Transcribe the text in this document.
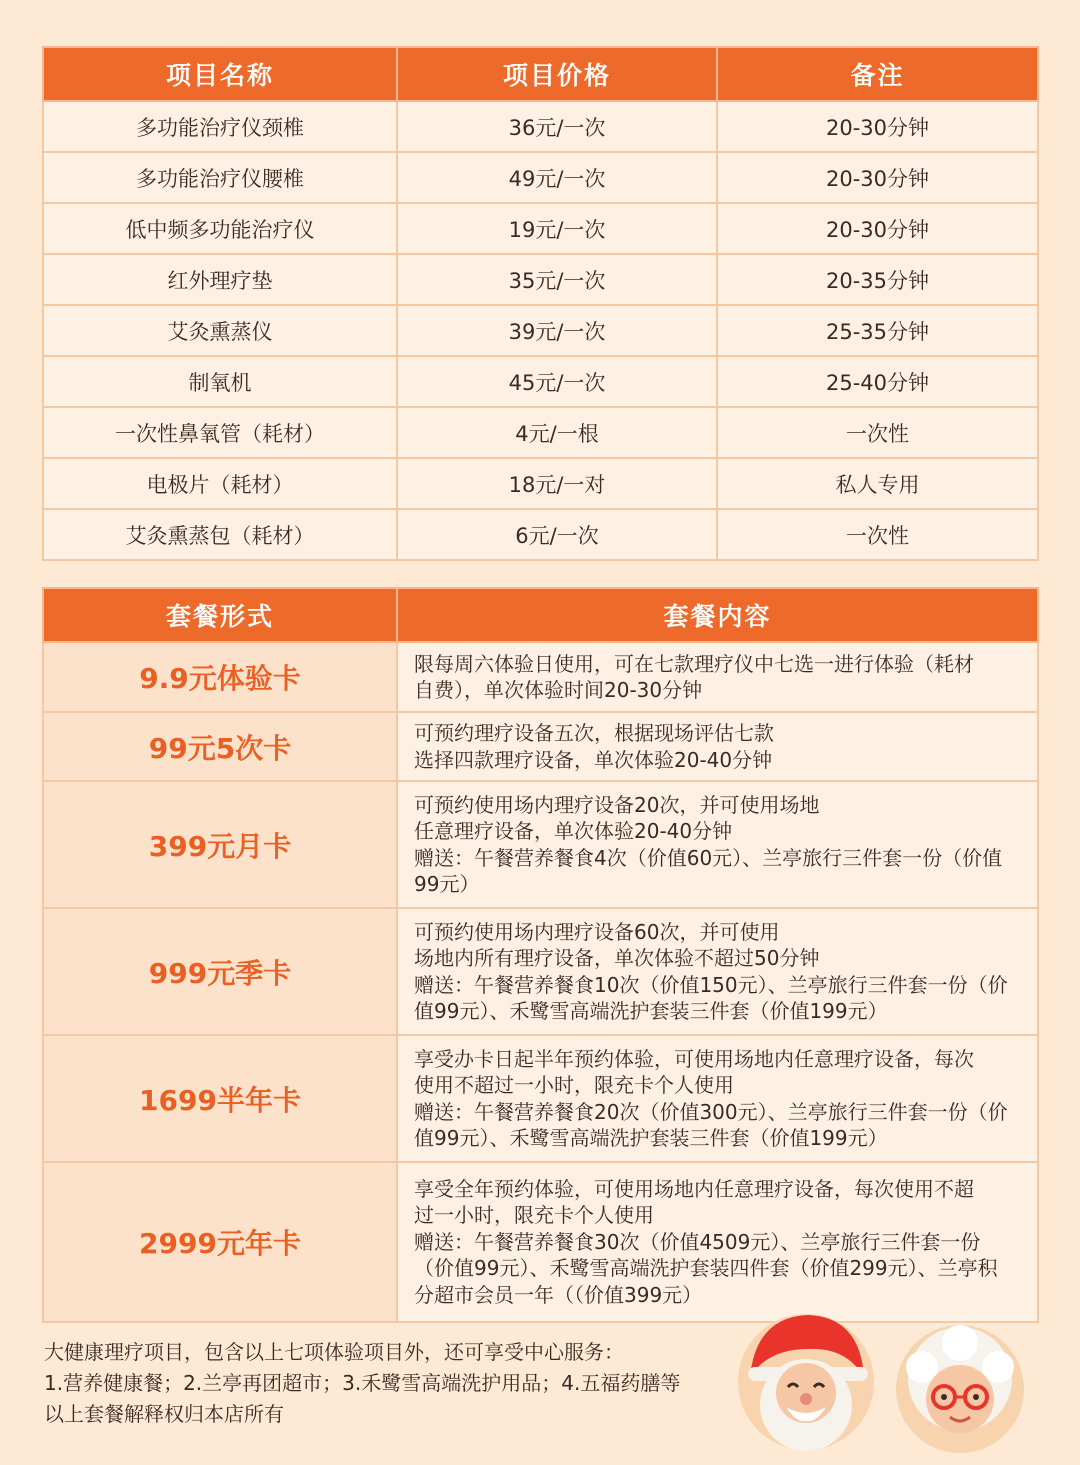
项目名称	项目价格	备注
多功能治疗仪颈椎	36元/一次	20-30分钟
多功能治疗仪腰椎	49元/一次	20-30分钟
低中频多功能治疗仪	19元/一次	20-30分钟
红外理疗垫	35元/一次	20-35分钟
艾灸熏蒸仪	39元/一次	25-35分钟
制氧机	45元/一次	25-40分钟
一次性鼻氧管（耗材）	4元/一根	一次性
电极片（耗材）	18元/一对	私人专用
艾灸熏蒸包（耗材）	6元/一次	一次性
套餐形式	套餐内容
9.9元体验卡	限每周六体验日使用，可在七款理疗仪中七选一进行体验（耗材
自费），单次体验时间20-30分钟

99元5次卡	可预约理疗设备五次，根据现场评估七款
选择四款理疗设备，单次体验20-40分钟

399元月卡	可预约使用场内理疗设备20次，并可使用场地
任意理疗设备，单次体验20-40分钟
赠送：午餐营养餐食4次（价值60元）、兰亭旅行三件套一份（价值
99元）

999元季卡	可预约使用场内理疗设备60次，并可使用
场地内所有理疗设备，单次体验不超过50分钟
赠送：午餐营养餐食10次（价值150元）、兰亭旅行三件套一份（价
值99元）、禾鹭雪高端洗护套装三件套（价值199元）

1699半年卡	享受办卡日起半年预约体验，可使用场地内任意理疗设备，每次
使用不超过一小时，限充卡个人使用
赠送：午餐营养餐食20次（价值300元）、兰亭旅行三件套一份（价
值99元）、禾鹭雪高端洗护套装三件套（价值199元）

2999元年卡	享受全年预约体验，可使用场地内任意理疗设备，每次使用不超
过一小时，限充卡个人使用
赠送：午餐营养餐食30次（价值4509元）、兰亭旅行三件套一份
（价值99元）、禾鹭雪高端洗护套装四件套（价值299元）、兰亭积
分超市会员一年（（价值399元）
大健康理疗项目，包含以上七项体验项目外，还可享受中心服务：
1.营养健康餐；2.兰亭再团超市；3.禾鹭雪高端洗护用品；4.五福药膳等
以上套餐解释权归本店所有
